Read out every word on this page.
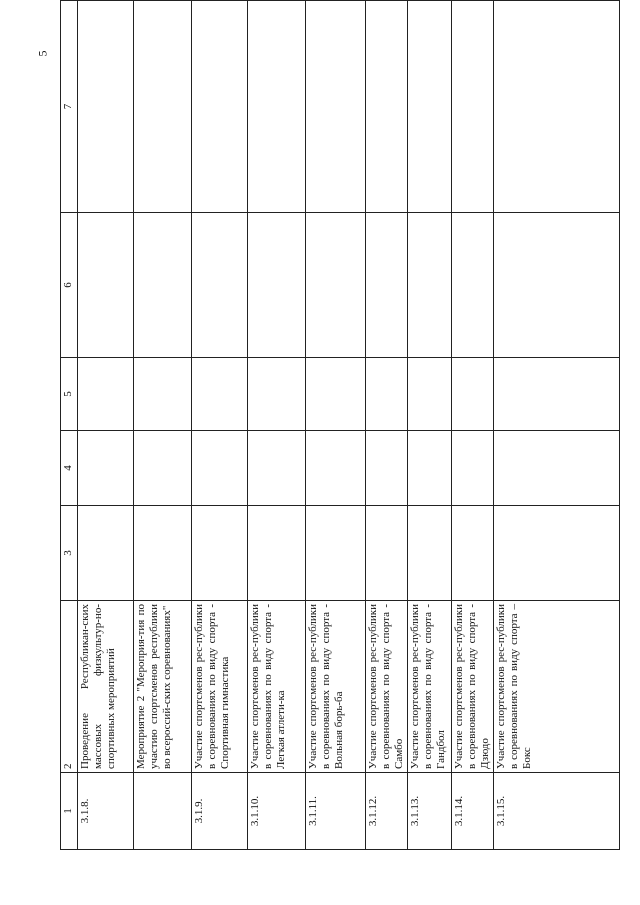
5
1	2	3	4	5	6	7
3.1.8.	Проведение Республикан-ских массовых физкультур-но-спортивных мероприятий					
	Мероприятие 2 "Мероприя-тия по участию спортсменов республики во всероссий-ских соревнованиях"					
3.1.9.	Участие спортсменов рес-публики в соревнованиях по виду спорта - Спортивная гимнастика					
3.1.10.	Участие спортсменов рес-публики в соревнованиях по виду спорта - Легкая атлети-ка					
3.1.11.	Участие спортсменов рес-публики в соревнованиях по виду спорта - Вольная борь-ба					
3.1.12.	Участие спортсменов рес-публики в соревнованиях по виду спорта - Самбо					
3.1.13.	Участие спортсменов рес-публики в соревнованиях по виду спорта - Гандбол					
3.1.14.	Участие спортсменов рес-публики в соревнованиях по виду спорта - Дзюдо					
3.1.15.	Участие спортсменов рес-публики в соревнованиях по виду спорта – Бокс					
